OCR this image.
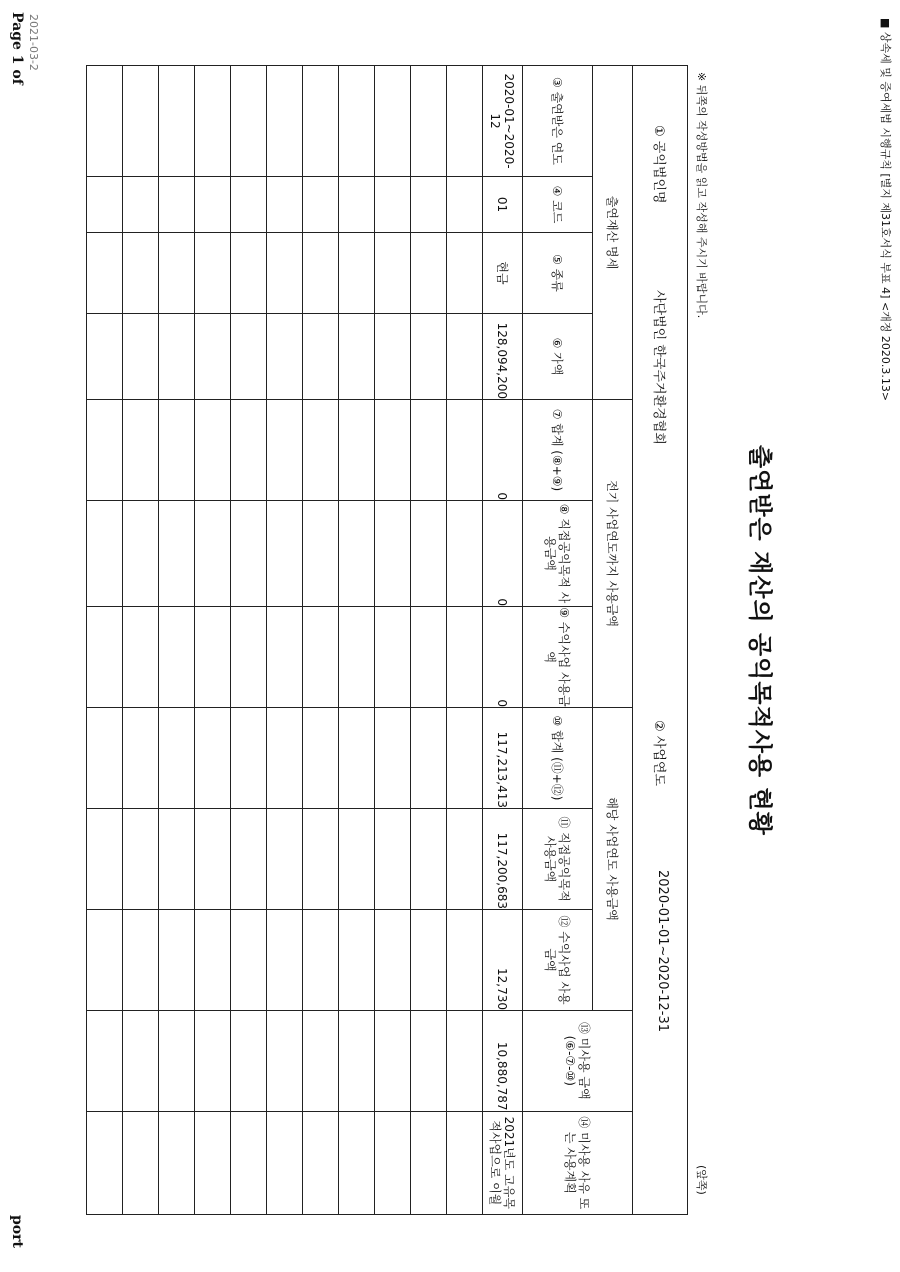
■ 상속세 및 증여세법 시행규칙 [별지 제31호서식 부표 4] <개정 2020.3.13>
출연받은 재산의 공익목적사용 현황
(앞쪽)
① 공익법인명
사단법인 한국주거환경협회
② 사업연도
2020-01-01~2020-12-31

출연재산 명세				전기 사업연도까지 사용금액			해당 사업연도 사용금액			⑬ 미사용 금액 (⑥-⑦-⑩)	⑭ 미사용 사유 또는 사용계획
③ 출연받은 연도	④ 코드	⑤ 종류	⑥ 가액	⑦ 합계 (⑧+⑨)	⑧ 직접공익목적 사용금액	⑨ 수익사업 사용금액	⑩ 합계 (⑪+⑫)	⑪ 직접공익목적 사용금액	⑫ 수익사업 사용금액		
2020-01~2020-12	01	현금	128,094,200	0	0	0	117,213,413	117,200,683	12,730	10,880,787	2021년도 고유목적사업으로 이월

※ 뒤쪽의 작성방법을 읽고 작성해 주시기 바랍니다.
port
Page 1 of 2021-03-2
